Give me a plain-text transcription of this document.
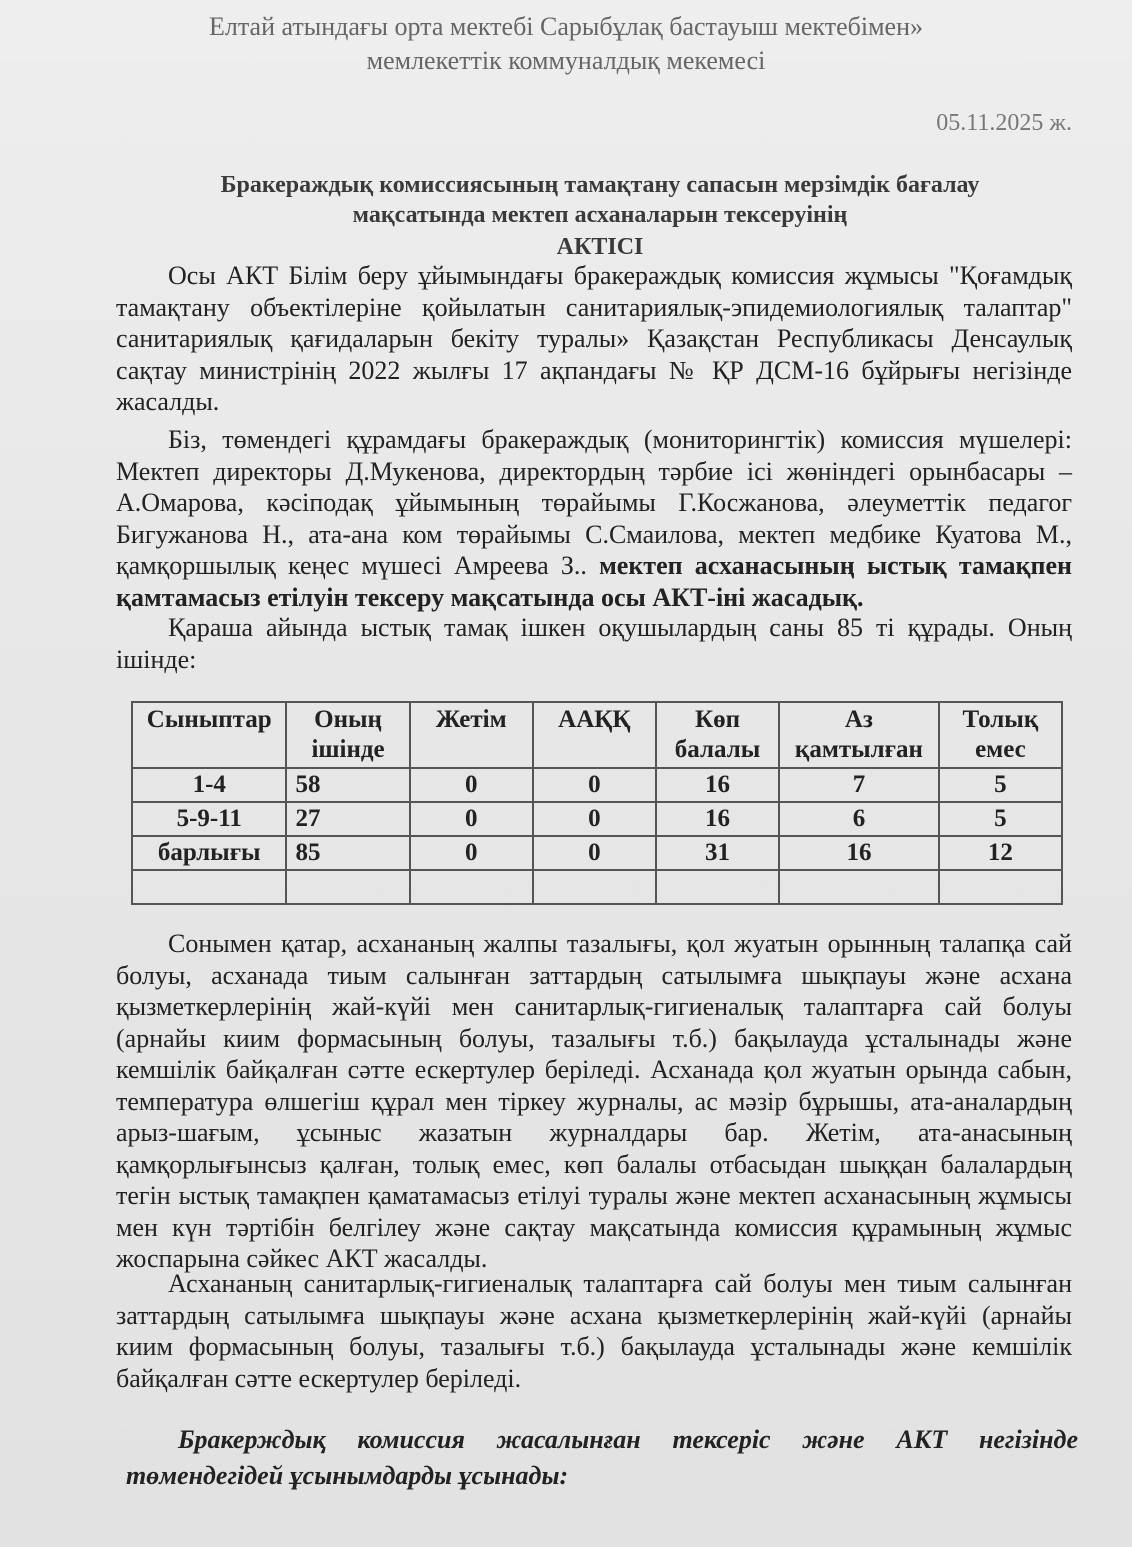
Елтай атындағы орта мектебі Сарыбұлақ бастауыш мектебімен»
мемлекеттік коммуналдық мекемесі
05.11.2025 ж.
Бракераждық комиссиясының тамақтану сапасын мерзімдік бағалау
мақсатында мектеп асханаларын тексеруінің
АКТІСІ
Осы АКТ Білім беру ұйымындағы бракераждық комиссия жұмысы "Қоғамдық тамақтану объектілеріне қойылатын санитариялық-эпидемиологиялық талаптар" санитариялық қағидаларын бекіту туралы» Қазақстан Республикасы Денсаулық сақтау министрінің 2022 жылғы 17 ақпандағы № ҚР ДСМ-16 бұйрығы негізінде жасалды.
Біз, төмендегі құрамдағы бракераждық (мониторингтік) комиссия мүшелері: Мектеп директоры Д.Мукенова, директордың тәрбие ісі жөніндегі орынбасары – А.Омарова, кәсіподақ ұйымының төрайымы Г.Косжанова, әлеуметтік педагог Бигужанова Н., ата-ана ком төрайымы С.Смаилова, мектеп медбике Куатова М., қамқоршылық кеңес мүшесі Амреева З.. мектеп асханасының ыстық тамақпен қамтамасыз етілуін тексеру мақсатында осы АКТ-іні жасадық.
Қараша айында ыстық тамақ ішкен оқушылардың саны 85 ті құрады. Оның ішінде:
Сыныптар	Оның ішінде	Жетім	ААҚҚ	Көп балалы	Аз қамтылған	Толық емес
1-4	58	0	0	16	7	5
5-9-11	27	0	0	16	6	5
барлығы	85	0	0	31	16	12

Сонымен қатар, асхананың жалпы тазалығы, қол жуатын орынның талапқа сай болуы, асханада тиым салынған заттардың сатылымға шықпауы және асхана қызметкерлерінің жай-күйі мен санитарлық-гигиеналық талаптарға сай болуы (арнайы киим формасының болуы, тазалығы т.б.) бақылауда ұсталынады және кемшілік байқалған сәтте ескертулер беріледі. Асханада қол жуатын орында сабын, температура өлшегіш құрал мен тіркеу журналы, ас мәзір бұрышы, ата-аналардың арыз-шағым, ұсыныс жазатын журналдары бар. Жетім, ата-анасының қамқорлығынсыз қалған, толық емес, көп балалы отбасыдан шыққан балалардың тегін ыстық тамақпен қаматамасыз етілуі туралы және мектеп асханасының жұмысы мен күн тәртібін белгілеу және сақтау мақсатында комиссия құрамының жұмыс жоспарына сәйкес АКТ жасалды.
Асхананың санитарлық-гигиеналық талаптарға сай болуы мен тиым салынған заттардың сатылымға шықпауы және асхана қызметкерлерінің жай-күйі (арнайы киим формасының болуы, тазалығы т.б.) бақылауда ұсталынады және кемшілік байқалған сәтте ескертулер беріледі.
Бракерждық комиссия жасалынған тексеріс және АКТ негізінде төмендегідей ұсынымдарды ұсынады:
